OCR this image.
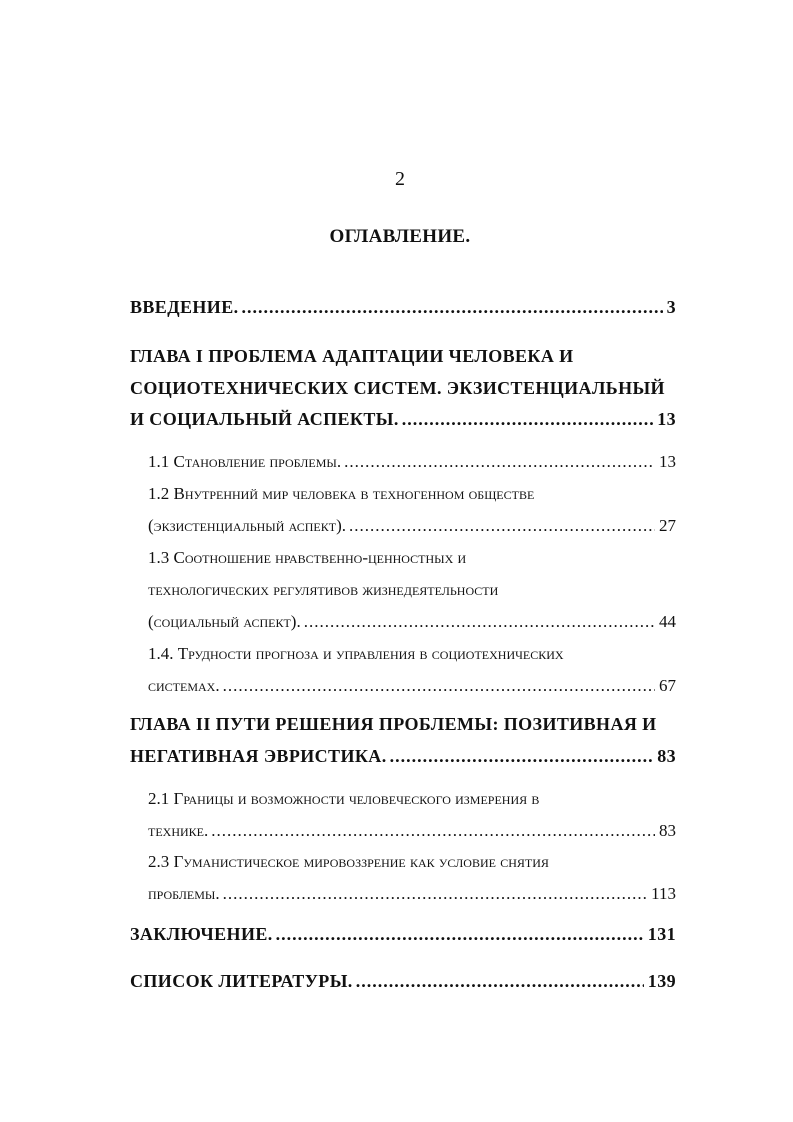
2
ОГЛАВЛЕНИЕ.
ВВЕДЕНИЕ. .....	3
ГЛАВА I ПРОБЛЕМА АДАПТАЦИИ ЧЕЛОВЕКА И
СОЦИОТЕХНИЧЕСКИХ СИСТЕМ. ЭКЗИСТЕНЦИАЛЬНЫЙ
И СОЦИАЛЬНЫЙ АСПЕКТЫ. .....	13
1.1 Становление проблемы. .....	13
1.2 Внутренний мир человека в техногенном обществе
(экзистенциальный аспект). .....	27
1.3 Соотношение нравственно-ценностных и
технологических регулятивов жизнедеятельности
(социальный аспект). .....	44
1.4. Трудности прогноза и управления в социотехнических
системах. .....	67
ГЛАВА II ПУТИ РЕШЕНИЯ ПРОБЛЕМЫ: ПОЗИТИВНАЯ И
НЕГАТИВНАЯ ЭВРИСТИКА. .....	83
2.1 Границы и возможности человеческого измерения в
технике. .....	83
2.3 Гуманистическое мировоззрение как условие снятия
проблемы. .....	113
ЗАКЛЮЧЕНИЕ. .....	131
СПИСОК ЛИТЕРАТУРЫ. .....	139
